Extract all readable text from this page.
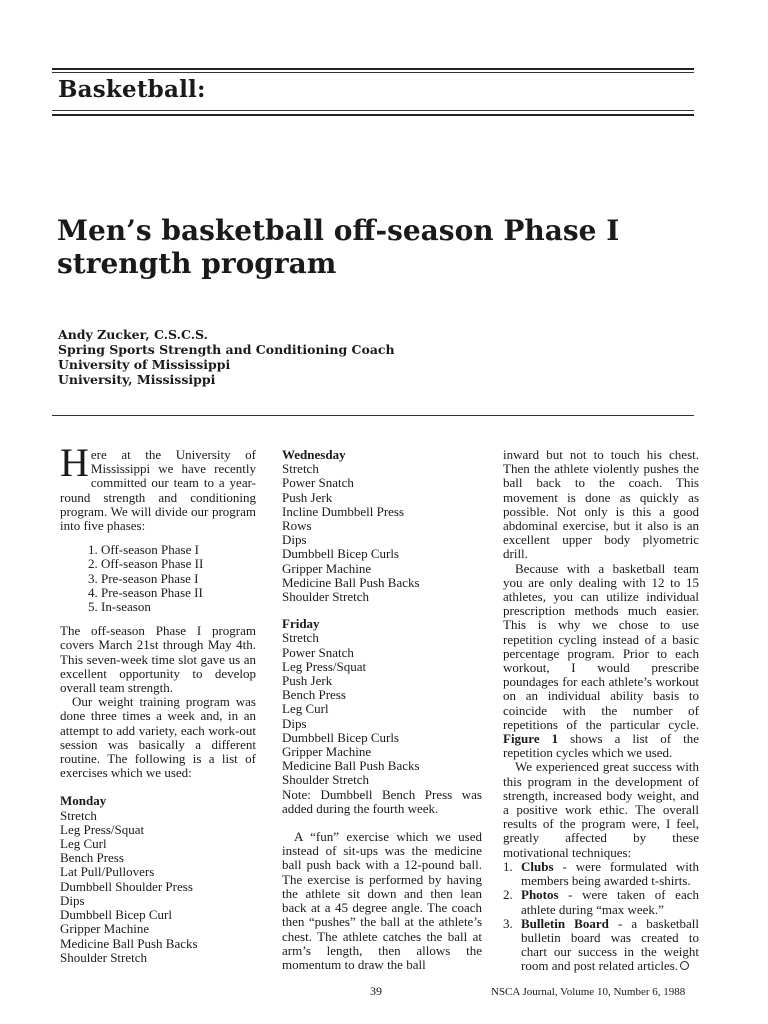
Basketball:
Men’s basketball off-season Phase I
strength program
Andy Zucker, C.S.C.S.
Spring Sports Strength and Conditioning Coach
University of Mississippi
University, Mississippi
Here at the University of Mississippi we have recently committed our team to a year-round strength and conditioning program. We will divide our program into five phases:
1. Off-season Phase I
2. Off-season Phase II
3. Pre-season Phase I
4. Pre-season Phase II
5. In-season
The off-season Phase I program covers March 21st through May 4th. This seven-week time slot gave us an excellent opportunity to develop overall team strength.
Our weight training program was done three times a week and, in an attempt to add variety, each work-out session was basically a different routine. The following is a list of exercises which we used:
Monday
Stretch
Leg Press/Squat
Leg Curl
Bench Press
Lat Pull/Pullovers
Dumbbell Shoulder Press
Dips
Dumbbell Bicep Curl
Gripper Machine
Medicine Ball Push Backs
Shoulder Stretch
Wednesday
Stretch
Power Snatch
Push Jerk
Incline Dumbbell Press
Rows
Dips
Dumbbell Bicep Curls
Gripper Machine
Medicine Ball Push Backs
Shoulder Stretch
Friday
Stretch
Power Snatch
Leg Press/Squat
Push Jerk
Bench Press
Leg Curl
Dips
Dumbbell Bicep Curls
Gripper Machine
Medicine Ball Push Backs
Shoulder Stretch
Note: Dumbbell Bench Press was added during the fourth week.
A “fun” exercise which we used instead of sit-ups was the medicine ball push back with a 12-pound ball. The exercise is performed by having the athlete sit down and then lean back at a 45 degree angle. The coach then “pushes” the ball at the athlete’s chest. The athlete catches the ball at arm’s length, then allows the momentum to draw the ball
inward but not to touch his chest. Then the athlete violently pushes the ball back to the coach. This movement is done as quickly as possible. Not only is this a good abdominal exercise, but it also is an excellent upper body plyometric drill.
Because with a basketball team you are only dealing with 12 to 15 athletes, you can utilize individual prescription methods much easier. This is why we chose to use repetition cycling instead of a basic percentage program. Prior to each workout, I would prescribe poundages for each athlete’s workout on an individual ability basis to coincide with the number of repetitions of the particular cycle. Figure 1 shows a list of the repetition cycles which we used.
We experienced great success with this program in the development of strength, increased body weight, and a positive work ethic. The overall results of the program were, I feel, greatly affected by these motivational techniques:
1. Clubs - were formulated with members being awarded t-shirts.
2. Photos - were taken of each athlete during “max week.”
3. Bulletin Board - a basketball bulletin board was created to chart our success in the weight room and post related articles.
39	NSCA Journal, Volume 10, Number 6, 1988
